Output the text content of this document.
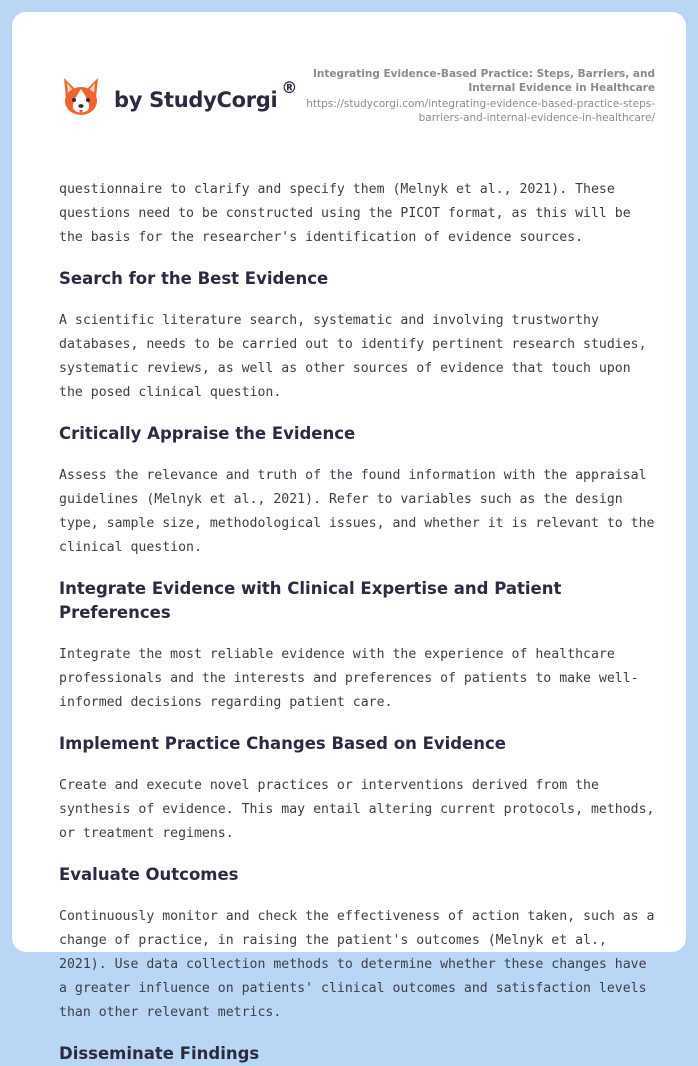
by StudyCorgi
®
Integrating Evidence-Based Practice: Steps, Barriers, and Internal Evidence in Healthcare
https://studycorgi.com/integrating-evidence-based-practice-steps-barriers-and-internal-evidence-in-healthcare/

questionnaire to clarify and specify them (Melnyk et al., 2021). These questions need to be constructed using the PICOT format, as this will be the basis for the researcher's identification of evidence sources.

Search for the Best Evidence

A scientific literature search, systematic and involving trustworthy databases, needs to be carried out to identify pertinent research studies, systematic reviews, as well as other sources of evidence that touch upon the posed clinical question.

Critically Appraise the Evidence

Assess the relevance and truth of the found information with the appraisal guidelines (Melnyk et al., 2021). Refer to variables such as the design type, sample size, methodological issues, and whether it is relevant to the clinical question.

Integrate Evidence with Clinical Expertise and Patient Preferences

Integrate the most reliable evidence with the experience of healthcare professionals and the interests and preferences of patients to make well-informed decisions regarding patient care.

Implement Practice Changes Based on Evidence

Create and execute novel practices or interventions derived from the synthesis of evidence. This may entail altering current protocols, methods, or treatment regimens.

Evaluate Outcomes

Continuously monitor and check the effectiveness of action taken, such as a change of practice, in raising the patient's outcomes (Melnyk et al., 2021). Use data collection methods to determine whether these changes have a greater influence on patients' clinical outcomes and satisfaction levels than other relevant metrics.

Disseminate Findings
